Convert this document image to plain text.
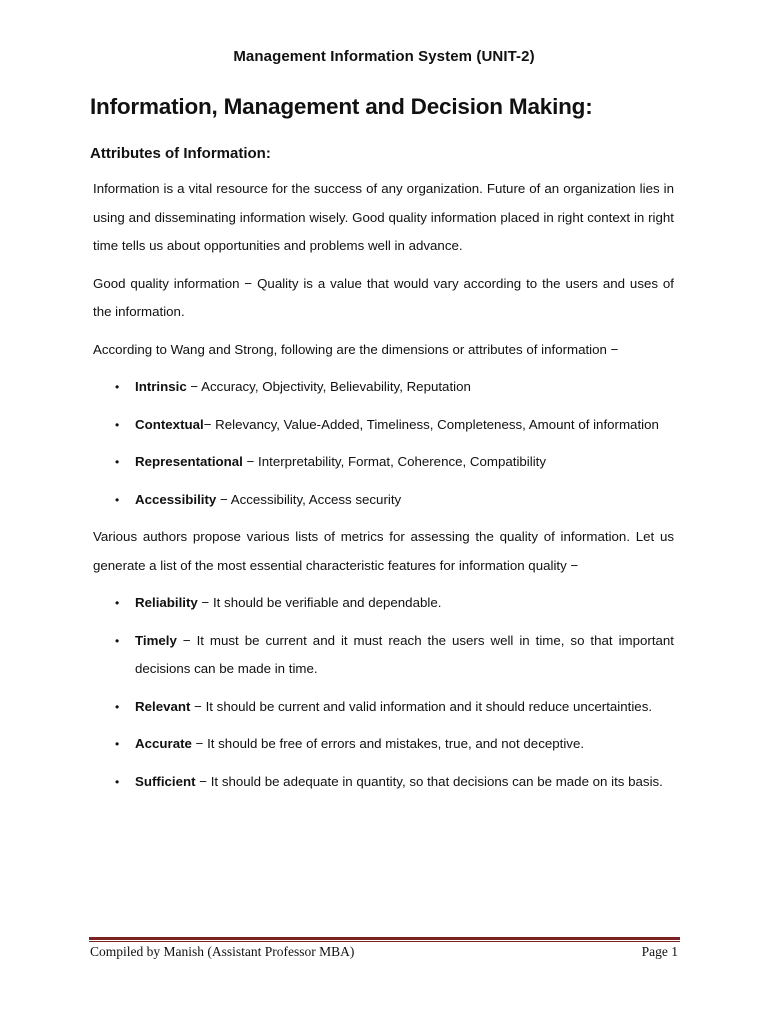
Management Information System (UNIT-2)
Information, Management and Decision Making:
Attributes of Information:

Information is a vital resource for the success of any organization. Future of an organization lies in using and disseminating information wisely. Good quality information placed in right context in right time tells us about opportunities and problems well in advance.

Good quality information − Quality is a value that would vary according to the users and uses of the information.

According to Wang and Strong, following are the dimensions or attributes of information −

• Intrinsic − Accuracy, Objectivity, Believability, Reputation
• Contextual− Relevancy, Value-Added, Timeliness, Completeness, Amount of information
• Representational − Interpretability, Format, Coherence, Compatibility
• Accessibility − Accessibility, Access security

Various authors propose various lists of metrics for assessing the quality of information. Let us generate a list of the most essential characteristic features for information quality −

• Reliability − It should be verifiable and dependable.
• Timely − It must be current and it must reach the users well in time, so that important decisions can be made in time.
• Relevant − It should be current and valid information and it should reduce uncertainties.
• Accurate − It should be free of errors and mistakes, true, and not deceptive.
• Sufficient − It should be adequate in quantity, so that decisions can be made on its basis.
Compiled by Manish (Assistant Professor MBA)	Page 1
